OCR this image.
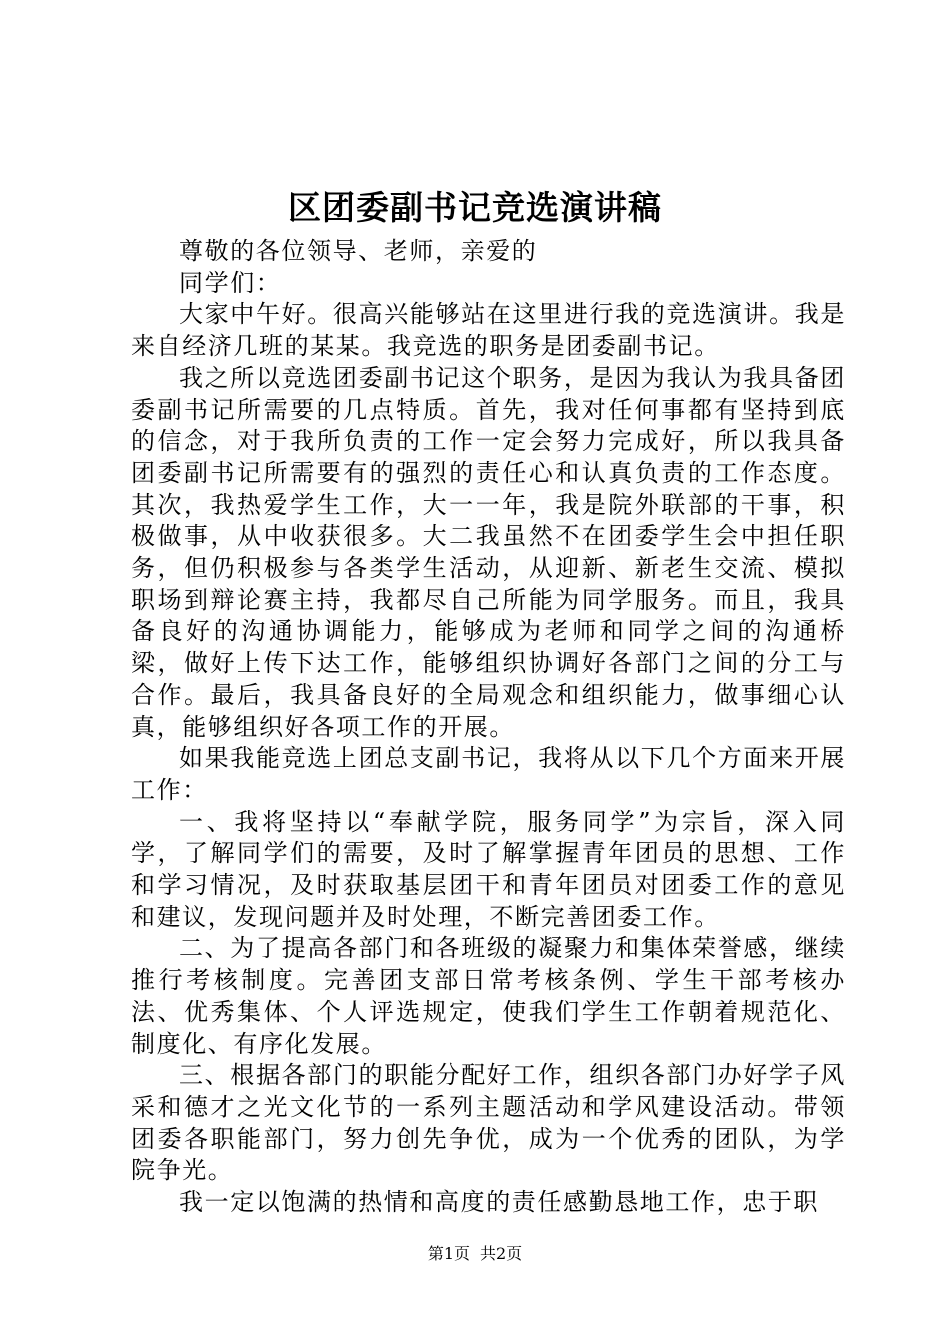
区团委副书记竞选演讲稿

尊敬的各位领导、老师，亲爱的

同学们：

大家中午好。很高兴能够站在这里进行我的竞选演讲。我是来自经济几班的某某。我竞选的职务是团委副书记。

我之所以竞选团委副书记这个职务，是因为我认为我具备团委副书记所需要的几点特质。首先，我对任何事都有坚持到底的信念，对于我所负责的工作一定会努力完成好，所以我具备团委副书记所需要有的强烈的责任心和认真负责的工作态度。其次，我热爱学生工作，大一一年，我是院外联部的干事，积极做事，从中收获很多。大二我虽然不在团委学生会中担任职务，但仍积极参与各类学生活动，从迎新、新老生交流、模拟职场到辩论赛主持，我都尽自己所能为同学服务。而且，我具备良好的沟通协调能力，能够成为老师和同学之间的沟通桥梁，做好上传下达工作，能够组织协调好各部门之间的分工与合作。最后，我具备良好的全局观念和组织能力，做事细心认真，能够组织好各项工作的开展。

如果我能竞选上团总支副书记，我将从以下几个方面来开展工作：

一、我将坚持以“奉献学院，服务同学”为宗旨，深入同学，了解同学们的需要，及时了解掌握青年团员的思想、工作和学习情况，及时获取基层团干和青年团员对团委工作的意见和建议，发现问题并及时处理，不断完善团委工作。

二、为了提高各部门和各班级的凝聚力和集体荣誉感，继续推行考核制度。完善团支部日常考核条例、学生干部考核办法、优秀集体、个人评选规定，使我们学生工作朝着规范化、制度化、有序化发展。

三、根据各部门的职能分配好工作，组织各部门办好学子风采和德才之光文化节的一系列主题活动和学风建设活动。带领团委各职能部门，努力创先争优，成为一个优秀的团队，为学院争光。

我一定以饱满的热情和高度的责任感勤恳地工作，忠于职

第1页 共2页
